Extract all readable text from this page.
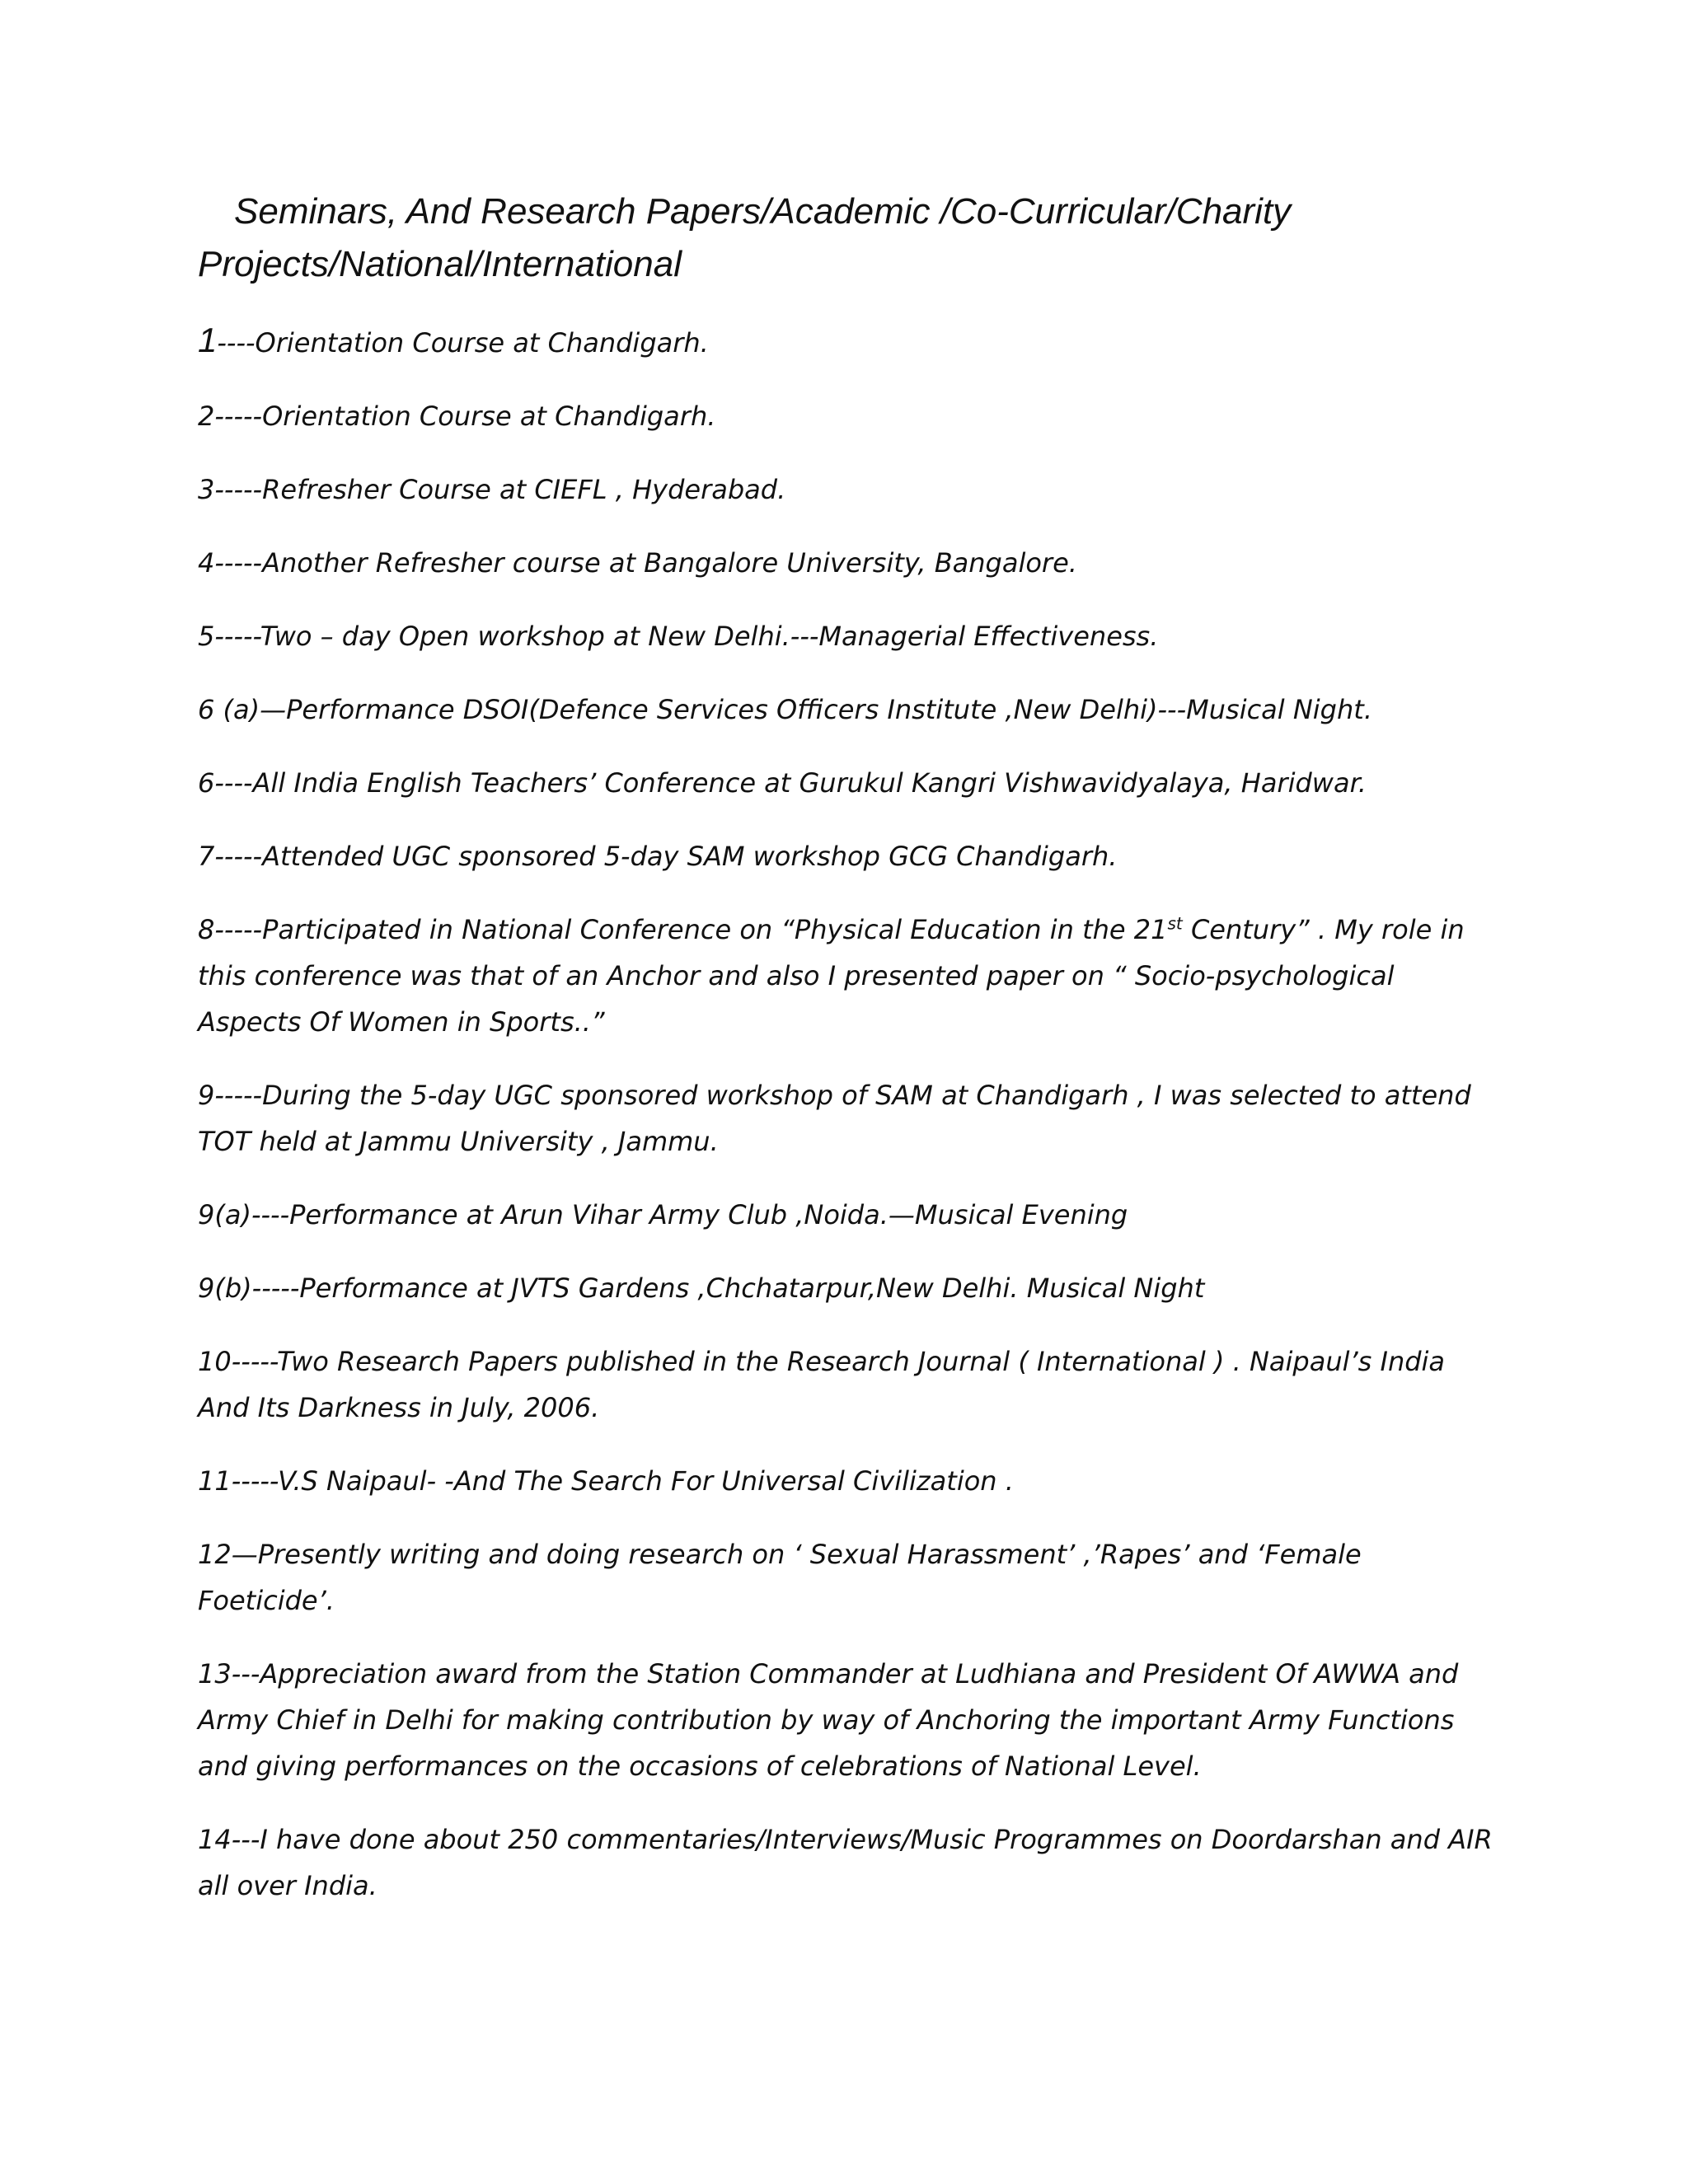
Seminars, And Research Papers/Academic /Co-Curricular/Charity
Projects/National/International

1----Orientation Course at Chandigarh.

2-----Orientation Course at Chandigarh.

3-----Refresher Course at CIEFL , Hyderabad.

4-----Another Refresher course at Bangalore University, Bangalore.

5-----Two – day Open workshop at New Delhi.---Managerial Effectiveness.

6 (a)—Performance DSOI(Defence Services Officers Institute ,New Delhi)---Musical Night.

6----All India English Teachers’ Conference at Gurukul Kangri Vishwavidyalaya, Haridwar.

7-----Attended UGC sponsored 5-day SAM workshop GCG Chandigarh.

8-----Participated in National Conference on “Physical Education in the 21st Century” . My role in this conference was that of an Anchor and also I presented paper on “ Socio-psychological Aspects Of Women in Sports..”

9-----During the 5-day UGC sponsored workshop of SAM at Chandigarh , I was selected to attend TOT held at Jammu University , Jammu.

9(a)----Performance at Arun Vihar Army Club ,Noida.—Musical Evening

9(b)-----Performance at JVTS Gardens ,Chchatarpur,New Delhi. Musical Night

10-----Two Research Papers published in the Research Journal ( International ) . Naipaul’s India And Its Darkness in July, 2006.

11-----V.S Naipaul- -And The Search For Universal Civilization .

12—Presently writing and doing research on ‘ Sexual Harassment’ ,’Rapes’ and ‘Female Foeticide’.

13---Appreciation award from the Station Commander at Ludhiana and President Of AWWA and Army Chief in Delhi for making contribution by way of Anchoring the important Army Functions and giving performances on the occasions of celebrations of National Level.

14---I have done about 250 commentaries/Interviews/Music Programmes on Doordarshan and AIR all over India.
